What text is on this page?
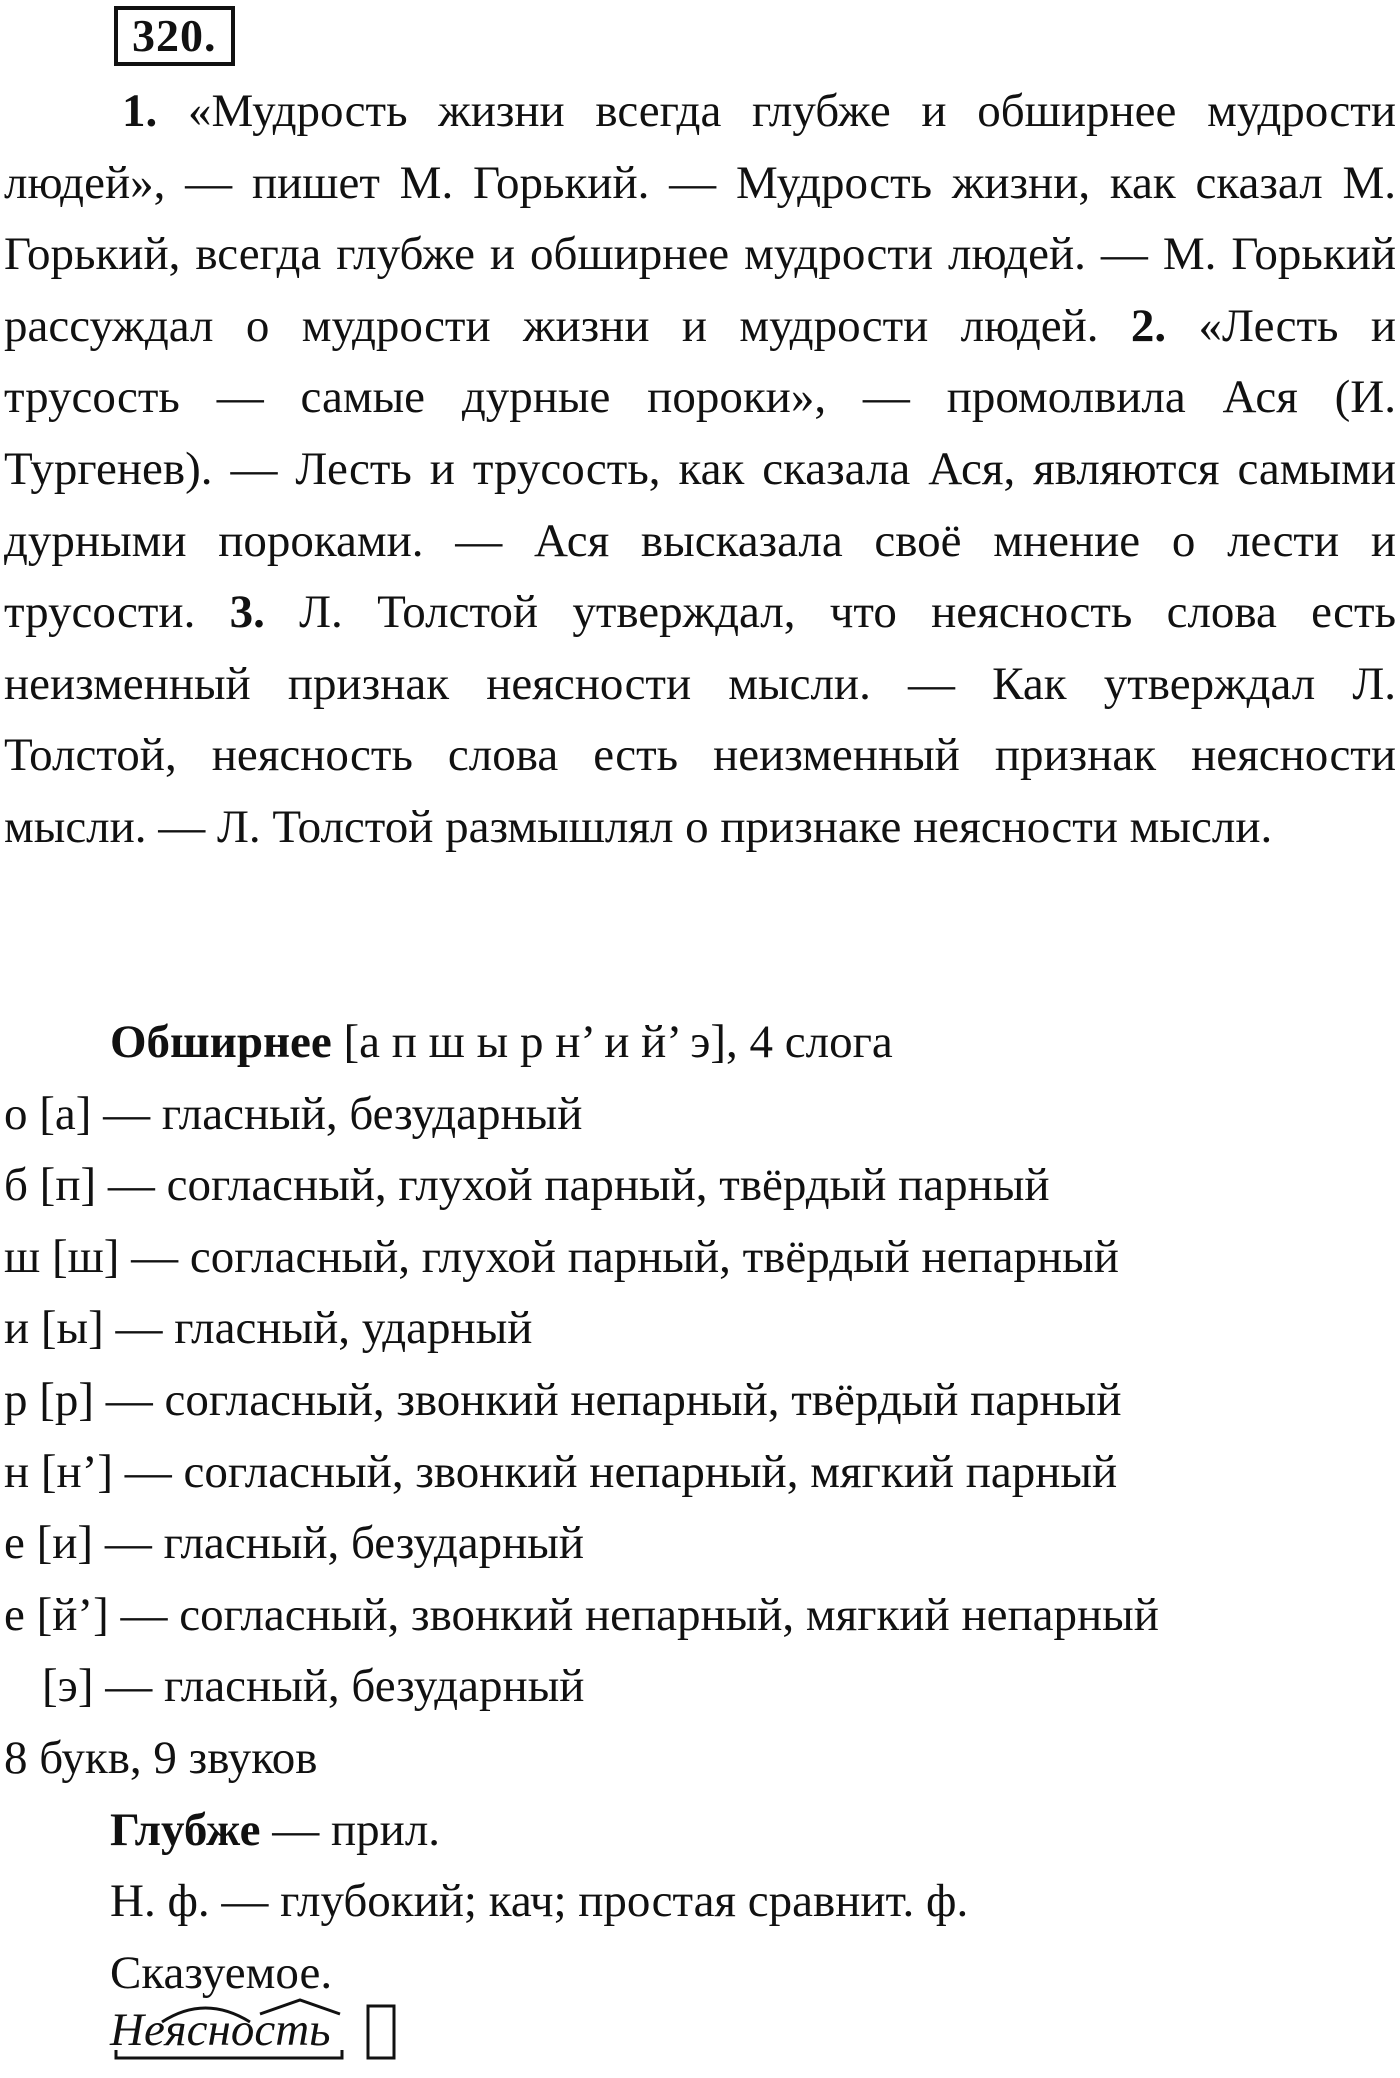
320.

1. «Мудрость жизни всегда глубже и обширнее мудрости людей», — пишет М. Горький. — Мудрость жизни, как сказал М. Горький, всегда глубже и обширнее мудрости людей. — М. Горький рассуждал о мудрости жизни и мудрости людей. 2. «Лесть и трусость — самые дурные пороки», — промолвила Ася (И. Тургенев). — Лесть и трусость, как сказала Ася, являются самыми дурными пороками. — Ася высказала своё мнение о лести и трусости. 3. Л. Толстой утверждал, что неясность слова есть неизменный признак неясности мысли. — Как утверждал Л. Толстой, неясность слова есть неизменный признак неясности мысли. — Л. Толстой размышлял о признаке неясности мысли.

Обширнее [а п ш ы р н’ и й’ э], 4 слога
о [а] — гласный, безударный
б [п] — согласный, глухой парный, твёрдый парный
ш [ш] — согласный, глухой парный, твёрдый непарный
и [ы] — гласный, ударный
р [р] — согласный, звонкий непарный, твёрдый парный
н [н’] — согласный, звонкий непарный, мягкий парный
е [и] — гласный, безударный
е [й’] — согласный, звонкий непарный, мягкий непарный
[э] — гласный, безударный
8 букв, 9 звуков
Глубже — прил.
Н. ф. — глубокий; кач; простая сравнит. ф.
Сказуемое.
Неясность
